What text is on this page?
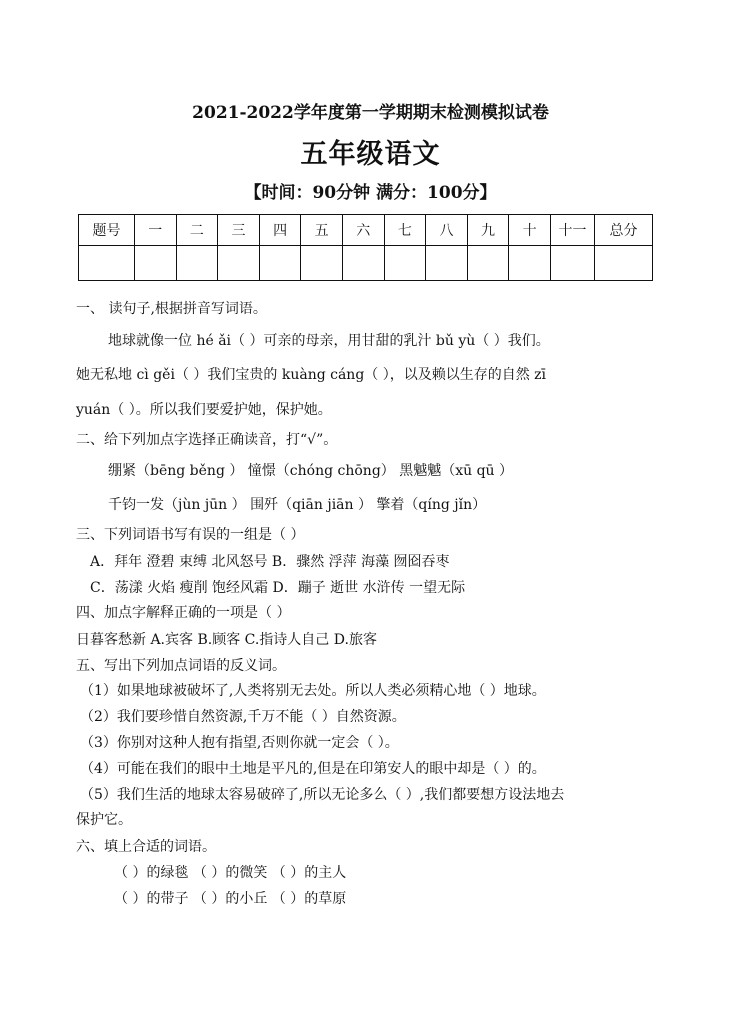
2021-2022学年度第一学期期末检测模拟试卷
五年级语文
【时间：90分钟 满分：100分】
题号	一	二	三	四	五	六	七	八	九	十	十一	总分

一、 读句子,根据拼音写词语。
地球就像一位 hé ǎi（ ）可亲的母亲，用甘甜的乳汁 bǔ yù（ ）我们。
她无私地 cì gěi（ ）我们宝贵的 kuàng cáng（ ），以及赖以生存的自然 zī
yuán（ ）。所以我们要爱护她，保护她。
二、给下列加点字选择正确读音，打“√”。
绷紧（bēng běng ） 憧憬（chóng chōng） 黑魆魆（xū qū ）
千钧一发（jùn jūn ） 围歼（qiān jiān ） 擎着（qíng jǐn）
三、下列词语书写有误的一组是（ ）
A．拜年 澄碧 束缚 北风怒号 B．骤然 浮萍 海藻 囫囵吞枣
C．荡漾 火焰 瘦削 饱经风霜 D．蹦子 逝世 水浒传 一望无际
四、加点字解释正确的一项是（ ）
日暮客愁新 A.宾客 B.顾客 C.指诗人自己 D.旅客
五、写出下列加点词语的反义词。
（1）如果地球被破坏了,人类将别无去处。所以人类必须精心地（ ）地球。
（2）我们要珍惜自然资源,千万不能（ ）自然资源。
（3）你别对这种人抱有指望,否则你就一定会（ ）。
（4）可能在我们的眼中土地是平凡的,但是在印第安人的眼中却是（ ）的。
（5）我们生活的地球太容易破碎了,所以无论多么（ ）,我们都要想方设法地去
保护它。
六、填上合适的词语。
（ ）的绿毯 （ ）的微笑 （ ）的主人
（ ）的带子 （ ）的小丘 （ ）的草原
